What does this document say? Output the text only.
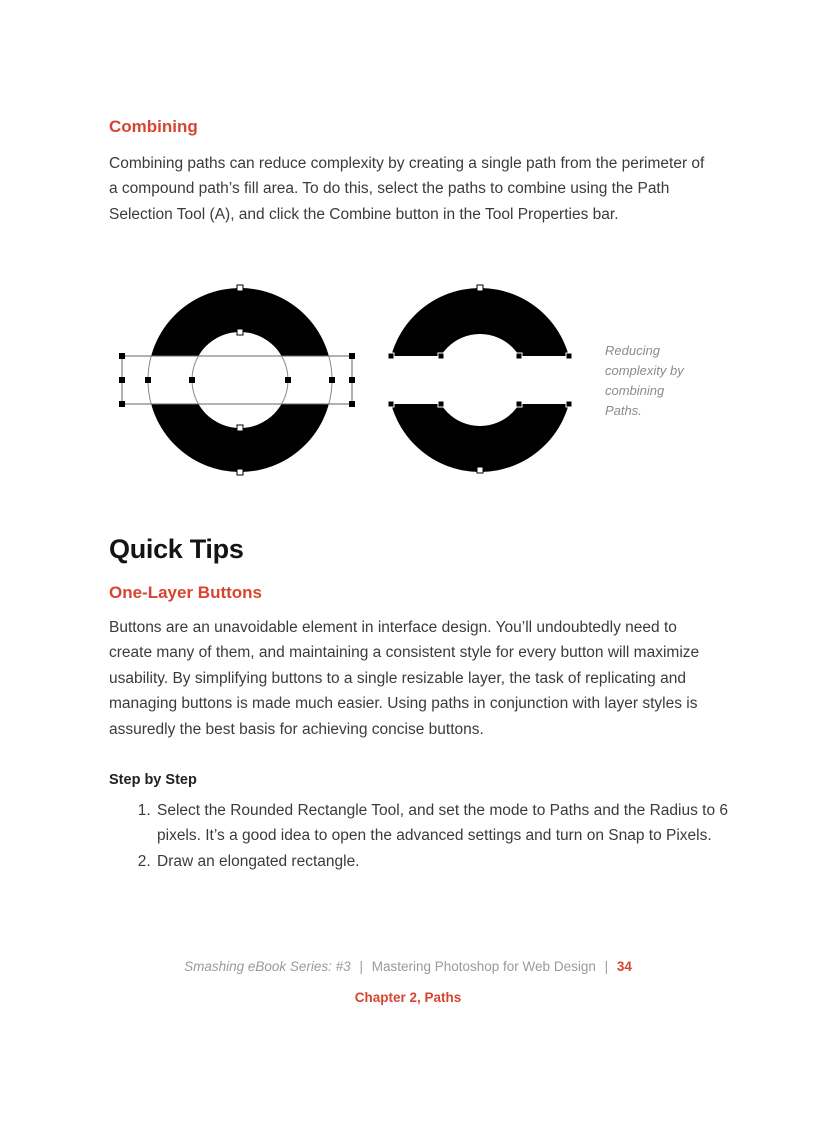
Combining
Combining paths can reduce complexity by creating a single path from the perimeter of a compound path’s fill area. To do this, select the paths to combine using the Path Selection Tool (A), and click the Combine button in the Tool Properties bar.
Reducing complexity by combining Paths.
Quick Tips
One-Layer Buttons
Buttons are an unavoidable element in interface design. You’ll undoubtedly need to create many of them, and maintaining a consistent style for every button will maximize usability. By simplifying buttons to a single resizable layer, the task of replicating and managing buttons is made much easier. Using paths in conjunction with layer styles is assuredly the best basis for achieving concise buttons.
Step by Step
1. Select the Rounded Rectangle Tool, and set the mode to Paths and the Radius to 6 pixels. It’s a good idea to open the advanced settings and turn on Snap to Pixels.
2. Draw an elongated rectangle.
Smashing eBook Series: #3 | Mastering Photoshop for Web Design | 34
Chapter 2, Paths
